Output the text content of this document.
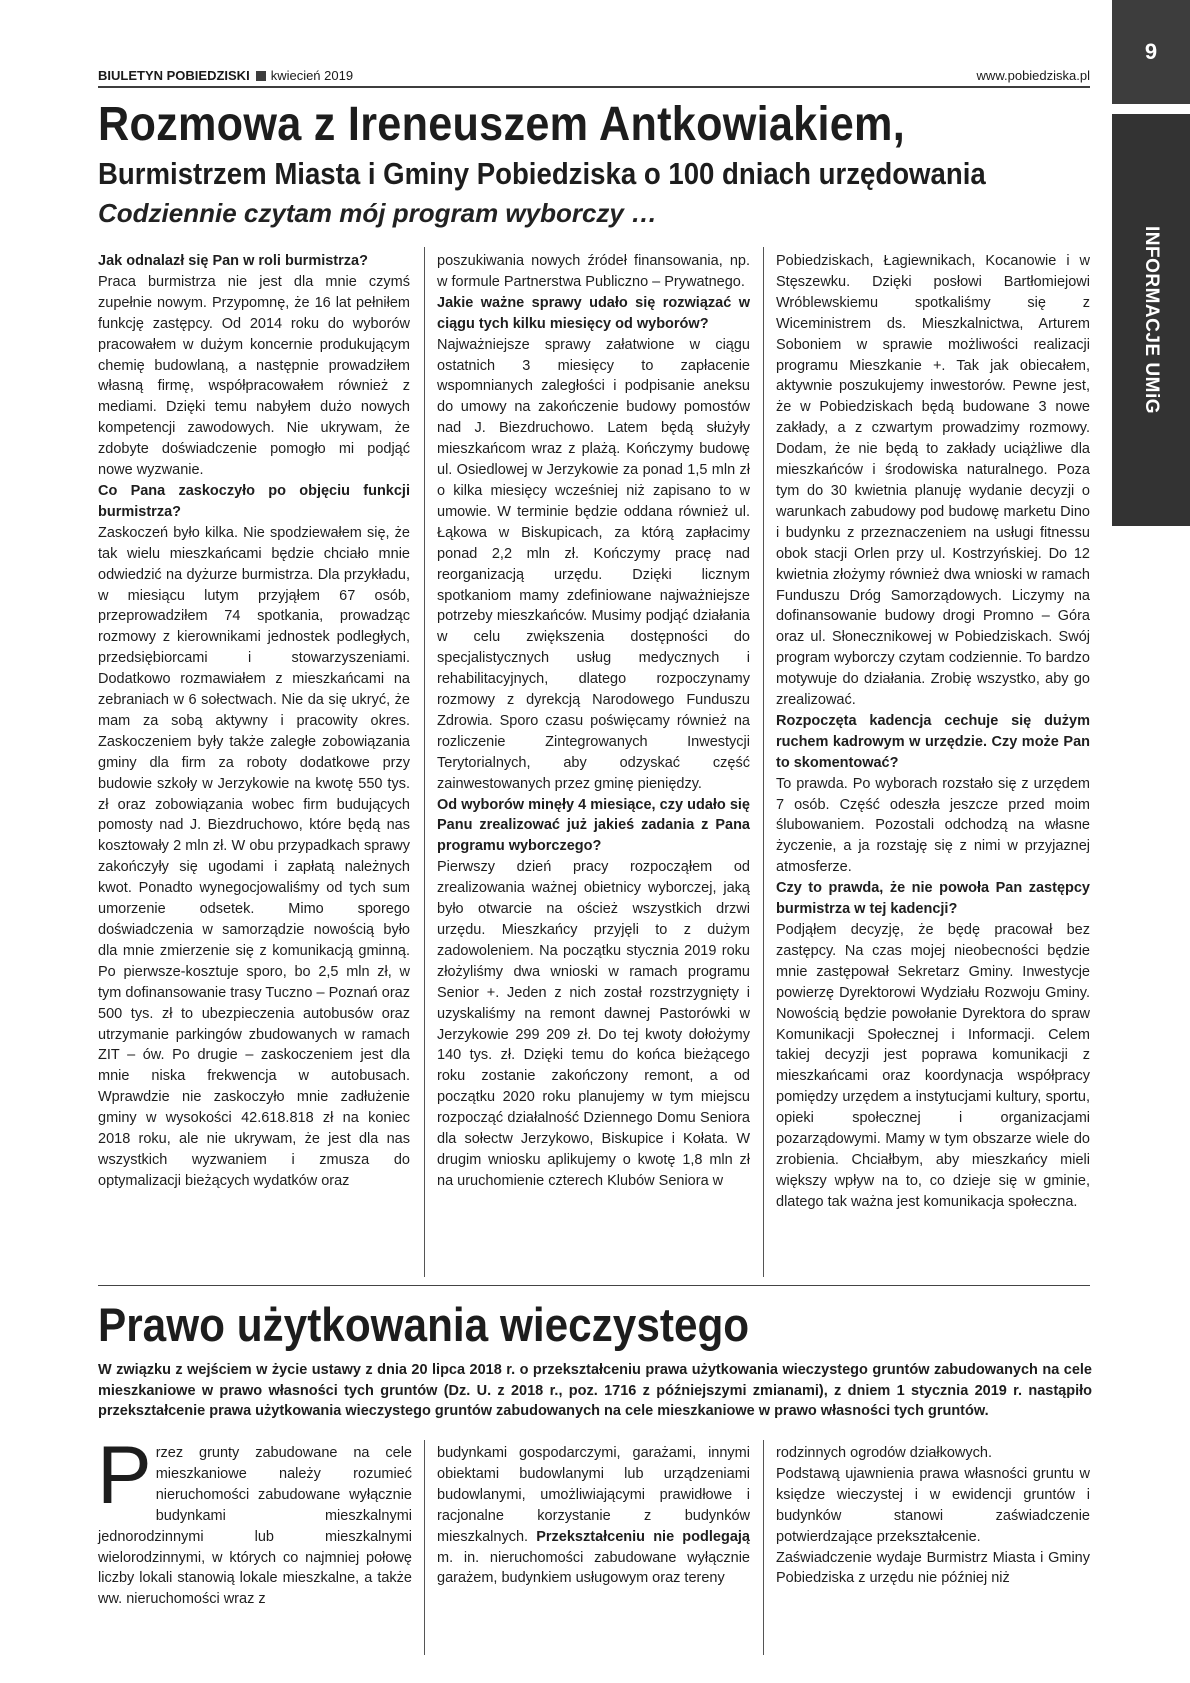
9
INFORMACJE UMiG
BIULETYN POBIEDZISKI kwiecień 2019	www.pobiedziska.pl
Rozmowa z Ireneuszem Antkowiakiem,
Burmistrzem Miasta i Gminy Pobiedziska o 100 dniach urzędowania
Codziennie czytam mój program wyborczy …

Jak odnalazł się Pan w roli burmistrza?

Praca burmistrza nie jest dla mnie czymś zupełnie nowym. Przypomnę, że 16 lat pełniłem funkcję zastępcy. Od 2014 roku do wyborów pracowałem w dużym koncernie produkującym chemię budowlaną, a następnie prowadziłem własną firmę, współpracowałem również z mediami. Dzięki temu nabyłem dużo nowych kompetencji zawodowych. Nie ukrywam, że zdobyte doświadczenie pomogło mi podjąć nowe wyzwanie.

Co Pana zaskoczyło po objęciu funkcji burmistrza?

Zaskoczeń było kilka. Nie spodziewałem się, że tak wielu mieszkańcami będzie chciało mnie odwiedzić na dyżurze burmistrza. Dla przykładu, w miesiącu lutym przyjąłem 67 osób, przeprowadziłem 74 spotkania, prowadząc rozmowy z kierownikami jednostek podległych, przedsiębiorcami i stowarzyszeniami. Dodatkowo rozmawiałem z mieszkańcami na zebraniach w 6 sołectwach. Nie da się ukryć, że mam za sobą aktywny i pracowity okres. Zaskoczeniem były także zaległe zobowiązania gminy dla firm za roboty dodatkowe przy budowie szkoły w Jerzykowie na kwotę 550 tys. zł oraz zobowiązania wobec firm budujących pomosty nad J. Biezdruchowo, które będą nas kosztowały 2 mln zł. W obu przypadkach sprawy zakończyły się ugodami i zapłatą należnych kwot. Ponadto wynegocjowaliśmy od tych sum umorzenie odsetek. Mimo sporego doświadczenia w samorządzie nowością było dla mnie zmierzenie się z komunikacją gminną. Po pierwsze-kosztuje sporo, bo 2,5 mln zł, w tym dofinansowanie trasy Tuczno – Poznań oraz 500 tys. zł to ubezpieczenia autobusów oraz utrzymanie parkingów zbudowanych w ramach ZIT – ów. Po drugie – zaskoczeniem jest dla mnie niska frekwencja w autobusach. Wprawdzie nie zaskoczyło mnie zadłużenie gminy w wysokości 42.618.818 zł na koniec 2018 roku, ale nie ukrywam, że jest dla nas wszystkich wyzwaniem i zmusza do optymalizacji bieżących wydatków oraz

poszukiwania nowych źródeł finansowania, np. w formule Partnerstwa Publiczno – Prywatnego.

Jakie ważne sprawy udało się rozwiązać w ciągu tych kilku miesięcy od wyborów?

Najważniejsze sprawy załatwione w ciągu ostatnich 3 miesięcy to zapłacenie wspomnianych zaległości i podpisanie aneksu do umowy na zakończenie budowy pomostów nad J. Biezdruchowo. Latem będą służyły mieszkańcom wraz z plażą. Kończymy budowę ul. Osiedlowej w Jerzykowie za ponad 1,5 mln zł o kilka miesięcy wcześniej niż zapisano to w umowie. W terminie będzie oddana również ul. Łąkowa w Biskupicach, za którą zapłacimy ponad 2,2 mln zł. Kończymy pracę nad reorganizacją urzędu. Dzięki licznym spotkaniom mamy zdefiniowane najważniejsze potrzeby mieszkańców. Musimy podjąć działania w celu zwiększenia dostępności do specjalistycznych usług medycznych i rehabilitacyjnych, dlatego rozpoczynamy rozmowy z dyrekcją Narodowego Funduszu Zdrowia. Sporo czasu poświęcamy również na rozliczenie Zintegrowanych Inwestycji Terytorialnych, aby odzyskać część zainwestowanych przez gminę pieniędzy.

Od wyborów minęły 4 miesiące, czy udało się Panu zrealizować już jakieś zadania z Pana programu wyborczego?

Pierwszy dzień pracy rozpocząłem od zrealizowania ważnej obietnicy wyborczej, jaką było otwarcie na oścież wszystkich drzwi urzędu. Mieszkańcy przyjęli to z dużym zadowoleniem. Na początku stycznia 2019 roku złożyliśmy dwa wnioski w ramach programu Senior +. Jeden z nich został rozstrzygnięty i uzyskaliśmy na remont dawnej Pastorówki w Jerzykowie 299 209 zł. Do tej kwoty dołożymy 140 tys. zł. Dzięki temu do końca bieżącego roku zostanie zakończony remont, a od początku 2020 roku planujemy w tym miejscu rozpocząć działalność Dziennego Domu Seniora dla sołectw Jerzykowo, Biskupice i Kołata. W drugim wniosku aplikujemy o kwotę 1,8 mln zł na uruchomienie czterech Klubów Seniora w

Pobiedziskach, Łagiewnikach, Kocanowie i w Stęszewku. Dzięki posłowi Bartłomiejowi Wróblewskiemu spotkaliśmy się z Wiceministrem ds. Mieszkalnictwa, Arturem Soboniem w sprawie możliwości realizacji programu Mieszkanie +. Tak jak obiecałem, aktywnie poszukujemy inwestorów. Pewne jest, że w Pobiedziskach będą budowane 3 nowe zakłady, a z czwartym prowadzimy rozmowy. Dodam, że nie będą to zakłady uciążliwe dla mieszkańców i środowiska naturalnego. Poza tym do 30 kwietnia planuję wydanie decyzji o warunkach zabudowy pod budowę marketu Dino i budynku z przeznaczeniem na usługi fitnessu obok stacji Orlen przy ul. Kostrzyńskiej. Do 12 kwietnia złożymy również dwa wnioski w ramach Funduszu Dróg Samorządowych. Liczymy na dofinansowanie budowy drogi Promno – Góra oraz ul. Słonecznikowej w Pobiedziskach. Swój program wyborczy czytam codziennie. To bardzo motywuje do działania. Zrobię wszystko, aby go zrealizować.

Rozpoczęta kadencja cechuje się dużym ruchem kadrowym w urzędzie. Czy może Pan to skomentować?

To prawda. Po wyborach rozstało się z urzędem 7 osób. Część odeszła jeszcze przed moim ślubowaniem. Pozostali odchodzą na własne życzenie, a ja rozstaję się z nimi w przyjaznej atmosferze.

Czy to prawda, że nie powoła Pan zastępcy burmistrza w tej kadencji?

Podjąłem decyzję, że będę pracował bez zastępcy. Na czas mojej nieobecności będzie mnie zastępował Sekretarz Gminy. Inwestycje powierzę Dyrektorowi Wydziału Rozwoju Gminy. Nowością będzie powołanie Dyrektora do spraw Komunikacji Społecznej i Informacji. Celem takiej decyzji jest poprawa komunikacji z mieszkańcami oraz koordynacja współpracy pomiędzy urzędem a instytucjami kultury, sportu, opieki społecznej i organizacjami pozarządowymi. Mamy w tym obszarze wiele do zrobienia. Chciałbym, aby mieszkańcy mieli większy wpływ na to, co dzieje się w gminie, dlatego tak ważna jest komunikacja społeczna.

Prawo użytkowania wieczystego
W związku z wejściem w życie ustawy z dnia 20 lipca 2018 r. o przekształceniu prawa użytkowania wieczystego gruntów zabudowanych na cele mieszkaniowe w prawo własności tych gruntów (Dz. U. z 2018 r., poz. 1716 z późniejszymi zmianami), z dniem 1 stycznia 2019 r. nastąpiło przekształcenie prawa użytkowania wieczystego gruntów zabudowanych na cele mieszkaniowe w prawo własności tych gruntów.
Przez grunty zabudowane na cele mieszkaniowe należy rozumieć nieruchomości zabudowane wyłącznie budynkami mieszkalnymi jednorodzinnymi lub mieszkalnymi wielorodzinnymi, w których co najmniej połowę liczby lokali stanowią lokale mieszkalne, a także ww. nieruchomości wraz z
budynkami gospodarczymi, garażami, innymi obiektami budowlanymi lub urządzeniami budowlanymi, umożliwiającymi prawidłowe i racjonalne korzystanie z budynków mieszkalnych. Przekształceniu nie podlegają m. in. nieruchomości zabudowane wyłącznie garażem, budynkiem usługowym oraz tereny

rodzinnych ogrodów działkowych.

Podstawą ujawnienia prawa własności gruntu w księdze wieczystej i w ewidencji gruntów i budynków stanowi zaświadczenie potwierdzające przekształcenie.

Zaświadczenie wydaje Burmistrz Miasta i Gminy Pobiedziska z urzędu nie później niż
